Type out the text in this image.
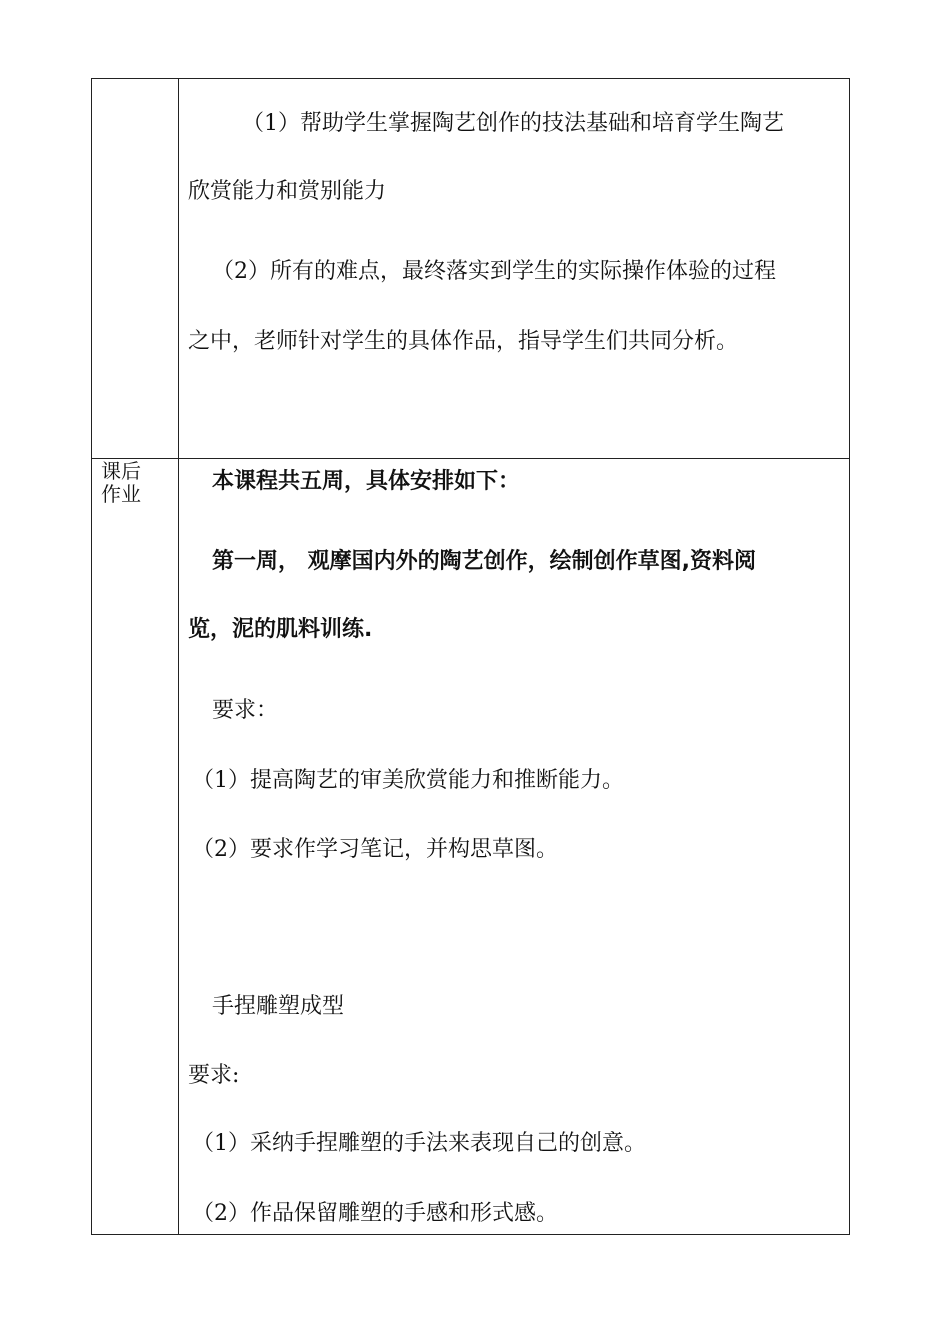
（1）帮助学生掌握陶艺创作的技法基础和培育学生陶艺
欣赏能力和赏别能力
（2）所有的难点，最终落实到学生的实际操作体验的过程
之中，老师针对学生的具体作品，指导学生们共同分析。
课后
作业	本课程共五周，具体安排如下：
第一周， 观摩国内外的陶艺创作，绘制创作草图,资料阅
览，泥的肌料训练.
要求：
（1）提高陶艺的审美欣赏能力和推断能力。
（2）要求作学习笔记，并构思草图。
手捏雕塑成型
要求:
（1）采纳手捏雕塑的手法来表现自己的创意。
（2）作品保留雕塑的手感和形式感。
